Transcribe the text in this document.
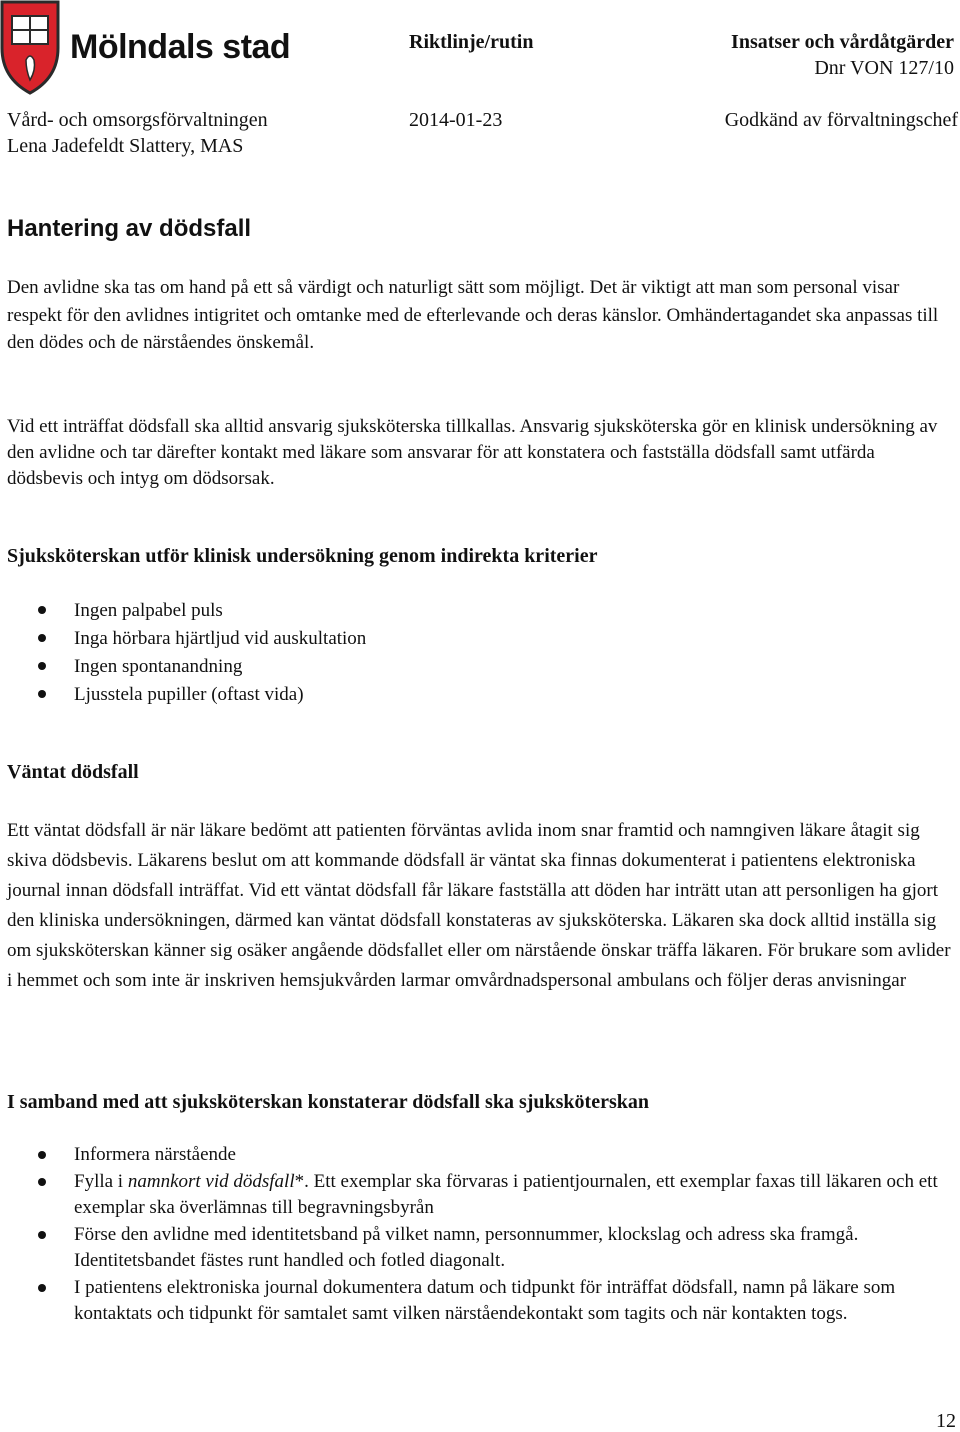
Mölndals stad	Riktlinje/rutin	Insatser och vårdåtgärder
Dnr VON 127/10
Vård- och omsorgsförvaltningen	2014-01-23	Godkänd av förvaltningschef
Lena Jadefeldt Slattery, MAS
Hantering av dödsfall

Den avlidne ska tas om hand på ett så värdigt och naturligt sätt som möjligt. Det är viktigt att man som personal visar respekt för den avlidnes intigritet och omtanke med de efterlevande och deras känslor. Omhändertagandet ska anpassas till den dödes och de närståendes önskemål.

Vid ett inträffat dödsfall ska alltid ansvarig sjuksköterska tillkallas. Ansvarig sjuksköterska gör en klinisk undersökning av den avlidne och tar därefter kontakt med läkare som ansvarar för att konstatera och fastställa dödsfall samt utfärda dödsbevis och intyg om dödsorsak.

Sjuksköterskan utför klinisk undersökning genom indirekta kriterier
Ingen palpabel puls
Inga hörbara hjärtljud vid auskultation
Ingen spontanandning
Ljusstela pupiller (oftast vida)
Väntat dödsfall

Ett väntat dödsfall är när läkare bedömt att patienten förväntas avlida inom snar framtid och namngiven läkare åtagit sig skiva dödsbevis. Läkarens beslut om att kommande dödsfall är väntat ska finnas dokumenterat i patientens elektroniska journal innan dödsfall inträffat. Vid ett väntat dödsfall får läkare fastställa att döden har inträtt utan att personligen ha gjort den kliniska undersökningen, därmed kan väntat dödsfall konstateras av sjuksköterska. Läkaren ska dock alltid inställa sig om sjuksköterskan känner sig osäker angående dödsfallet eller om närstående önskar träffa läkaren. För brukare som avlider i hemmet och som inte är inskriven hemsjukvården larmar omvårdnadspersonal ambulans och följer deras anvisningar

I samband med att sjuksköterskan konstaterar dödsfall ska sjuksköterskan
Informera närstående
Fylla i namnkort vid dödsfall*. Ett exemplar ska förvaras i patientjournalen, ett exemplar faxas till läkaren och ett exemplar ska överlämnas till begravningsbyrån
Förse den avlidne med identitetsband på vilket namn, personnummer, klockslag och adress ska framgå. Identitetsbandet fästes runt handled och fotled diagonalt.
I patientens elektroniska journal dokumentera datum och tidpunkt för inträffat dödsfall, namn på läkare som kontaktats och tidpunkt för samtalet samt vilken närståendekontakt som tagits och när kontakten togs.
12
